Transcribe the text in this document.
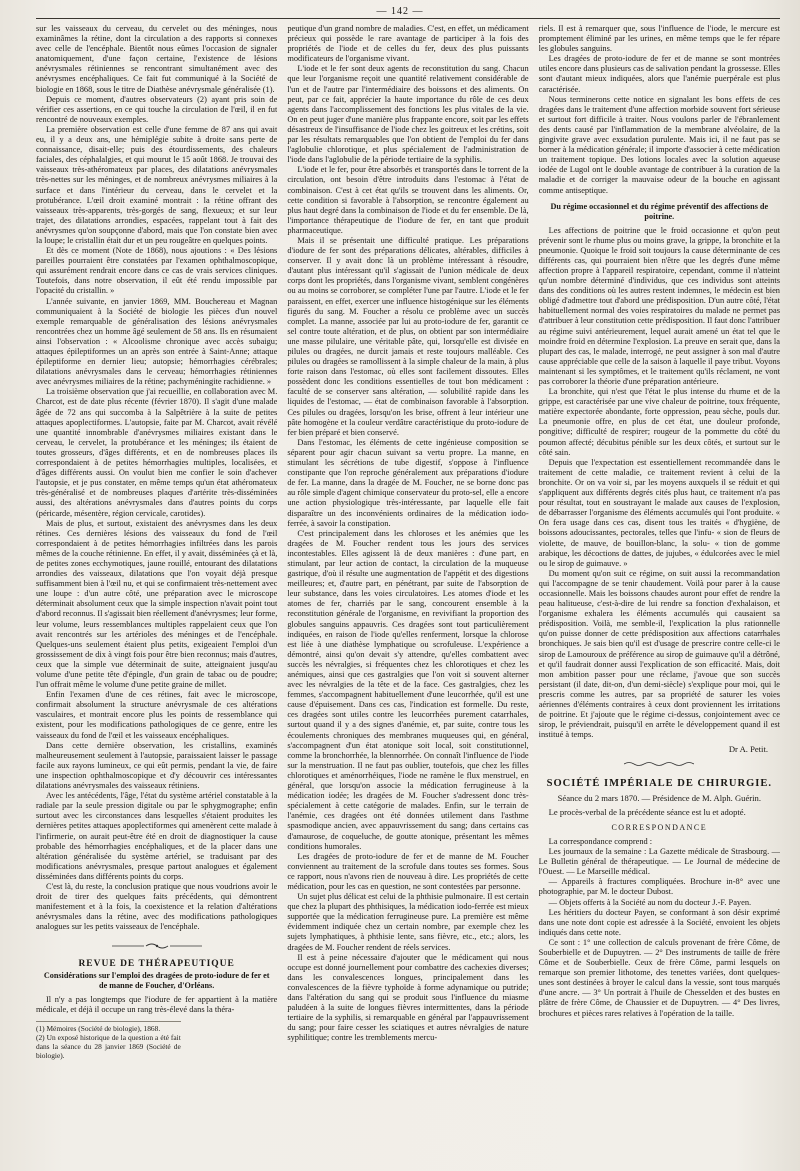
— 142 —

sur les vaisseaux du cerveau, du cervelet ou des méninges, nous examinâmes la rétine, dont la circulation a des rapports si connexes avec celle de l'encéphale. Bientôt nous eûmes l'occasion de signaler anatomiquement, d'une façon certaine, l'existence de lésions anévrysmales rétiniennes se rencontrant simultanément avec des anévrysmes encéphaliques. Ce fait fut communiqué à la Société de biologie en 1868, sous le titre de Diathèse anévrysmale généralisée (1).

Depuis ce moment, d'autres observateurs (2) ayant pris soin de vérifier ces assertions, en ce qui touche la circulation de l'œil, il en fut rencontré de nouveaux exemples.

La première observation est celle d'une femme de 87 ans qui avait eu, il y a deux ans, une hémiplégie subite à droite sans perte de connaissance, disait-elle; puis des étourdissements, des chaleurs faciales, des céphalalgies, et qui mourut le 15 août 1868. Je trouvai des vaisseaux très-athéromateux par places, des dilatations anévrysmales très-nettes sur les méninges, et de nombreux anévrysmes miliaires à la surface et dans l'intérieur du cerveau, dans le cervelet et la protubérance. L'œil droit examiné montrait : la rétine offrant des vaisseaux très-apparents, très-gorgés de sang, flexueux; et sur leur trajet, des dilatations arrondies, espacées, rappelant tout à fait des anévrysmes qu'on soupçonne d'abord, mais que l'on constate bien avec la loupe; le cristallin était dur et un peu rougeâtre en quelques points.

Et dès ce moment (Note de 1868), nous ajoutions : « Des lésions pareilles pourraient être constatées par l'examen ophthalmoscopique, qui assurément rendrait encore dans ce cas de vrais services cliniques. Toutefois, dans notre observation, il eût été rendu impossible par l'opacité du cristallin. »

L'année suivante, en janvier 1869, MM. Bouchereau et Magnan communiquaient à la Société de biologie les pièces d'un nouvel exemple remarquable de généralisation des lésions anévrysmales rencontrées chez un homme âgé seulement de 58 ans. Ils en résumaient ainsi l'observation : « Alcoolisme chronique avec accès subaigu; attaques épileptiformes un an après son entrée à Saint-Anne; attaque épileptiforme en dernier lieu; autopsie; hémorrhagies cérébrales; dilatations anévrysmales dans le cerveau; hémorrhagies rétiniennes avec anévrysmes miliaires de la rétine; pachyméningite rachidienne. »

La troisième observation que j'ai recueillie, en collaboration avec M. Charcot, est de date plus récente (février 1870). Il s'agit d'une malade âgée de 72 ans qui succomba à la Salpêtrière à la suite de petites attaques apoplectiformes. L'autopsie, faite par M. Charcot, avait révélé une quantité innombrable d'anévrysmes miliaires existant dans le cerveau, le cervelet, la protubérance et les méninges; ils étaient de toutes grosseurs, d'âges différents, et en de nombreuses places ils correspondaient à de petites hémorrhagies multiples, localisées, et d'âges différents aussi. On voulut bien me confier le soin d'achever l'autopsie, et je pus constater, en même temps qu'un état athéromateux très-généralisé et de nombreuses plaques d'artérite très-disséminées aussi, des altérations anévrysmales dans d'autres points du corps (péricarde, mésentère, région cervicale, carotides).

Mais de plus, et surtout, existaient des anévrysmes dans les deux rétines. Ces dernières lésions des vaisseaux du fond de l'œil correspondaient à de petites hémorrhagies infiltrées dans les parois mêmes de la couche rétinienne. En effet, il y avait, disséminées çà et là, de petites zones ecchymotiques, jaune rouillé, entourant des dilatations arrondies des vaisseaux, dilatations que l'on voyait déjà presque suffisamment bien à l'œil nu, et qui se confirmaient très-nettement avec une loupe : d'un autre côté, une préparation avec le microscope déterminait absolument ceux que la simple inspection n'avait point tout d'abord reconnus. Il s'agissait bien réellement d'anévrysmes; leur forme, leur volume, leurs ressemblances multiples rappelaient ceux que l'on avait rencontrés sur les artérioles des méninges et de l'encéphale. Quelques-uns seulement étaient plus petits, exigeaient l'emploi d'un grossissement de dix à vingt fois pour être bien reconnus; mais d'autres, ceux que la simple vue déterminait de suite, atteignaient jusqu'au volume d'une petite tête d'épingle, d'un grain de tabac ou de poudre; l'un offrait même le volume d'une petite graine de millet.

Enfin l'examen d'une de ces rétines, fait avec le microscope, confirmait absolument la structure anévrysmale de ces altérations vasculaires, et montrait encore plus les points de ressemblance qui existent, pour les modifications pathologiques de ce genre, entre les vaisseaux du fond de l'œil et les vaisseaux encéphaliques.

Dans cette dernière observation, les cristallins, examinés malheureusement seulement à l'autopsie, paraissaient laisser le passage facile aux rayons lumineux, ce qui eût permis, pendant la vie, de faire une inspection ophthalmoscopique et d'y découvrir ces intéressantes dilatations anévrysmales des vaisseaux rétiniens.

Avec les antécédents, l'âge, l'état du système artériel constatable à la radiale par la seule pression digitale ou par le sphygmographe; enfin surtout avec les circonstances dans lesquelles s'étaient produites les dernières petites attaques apoplectiformes qui amenèrent cette malade à l'infirmerie, on aurait peut-être été en droit de diagnostiquer la cause probable des hémorrhagies encéphaliques, et de la placer dans une altération généralisée du système artériel, se traduisant par des modifications anévrysmales, presque partout analogues et également disséminées dans différents points du corps.

C'est là, du reste, la conclusion pratique que nous voudrions avoir le droit de tirer des quelques faits précédents, qui démontrent manifestement et à la fois, la coexistence et la relation d'altérations anévrysmales dans la rétine, avec des modifications pathologiques analogues sur les petits vaisseaux de l'encéphale.

REVUE DE THÉRAPEUTIQUE
Considérations sur l'emploi des dragées de proto-iodure de fer et de manne de Foucher, d'Orléans.

Il n'y a pas longtemps que l'iodure de fer appartient à la matière médicale, et déjà il occupe un rang très-élevé dans la théra-

(1) Mémoires (Société de biologie), 1868.
(2) Un exposé historique de la question a été fait dans la séance du 28 janvier 1869 (Société de biologie).

peutique d'un grand nombre de maladies. C'est, en effet, un médicament précieux qui possède le rare avantage de participer à la fois des propriétés de l'iode et de celles du fer, deux des plus puissants modificateurs de l'organisme vivant.

L'iode et le fer sont deux agents de reconstitution du sang. Chacun que leur l'organisme reçoit une quantité relativement considérable de l'un et de l'autre par l'intermédiaire des boissons et des aliments. On peut, par ce fait, apprécier la haute importance du rôle de ces deux agents dans l'accomplissement des fonctions les plus vitales de la vie. On en peut juger d'une manière plus frappante encore, soit par les effets désastreux de l'insuffisance de l'iode chez les goitreux et les crétins, soit par les résultats remarquables que l'on obtient de l'emploi du fer dans l'aglobulie chlorotique, et plus spécialement de l'administration de l'iode dans l'aglobulie de la période tertiaire de la syphilis.

L'iode et le fer, pour être absorbés et transportés dans le torrent de la circulation, ont besoin d'être introduits dans l'estomac à l'état de combinaison. C'est à cet état qu'ils se trouvent dans les aliments. Or, cette condition si favorable à l'absorption, se rencontre également au plus haut degré dans la combinaison de l'iode et du fer ensemble. De là, l'importance thérapeutique de l'iodure de fer, en tant que produit pharmaceutique.

Mais il se présentait une difficulté pratique. Les préparations d'iodure de fer sont des préparations délicates, altérables, difficiles à conserver. Il y avait donc là un problème intéressant à résoudre, d'autant plus intéressant qu'il s'agissait de l'union médicale de deux corps dont les propriétés, dans l'organisme vivant, semblent congénères ou au moins se corroborer, se compléter l'une par l'autre. L'iode et le fer paraissent, en effet, exercer une influence histogénique sur les éléments figurés du sang. M. Foucher a résolu ce problème avec un succès complet. La manne, associée par lui au proto-iodure de fer, garantit ce sel contre toute altération, et de plus, on obtient par son intermédiaire une masse pilulaire, une véritable pâte, qui, lorsqu'elle est divisée en pilules ou dragées, ne durcit jamais et reste toujours malléable. Ces pilules ou dragées se ramollissent à la simple chaleur de la main, à plus forte raison dans l'estomac, où elles sont facilement dissoutes. Elles possèdent donc les conditions essentielles de tout bon médicament : faculté de se conserver sans altération, — solubilité rapide dans les liquides de l'estomac, — état de combinaison favorable à l'absorption. Ces pilules ou dragées, lorsqu'on les brise, offrent à leur intérieur une pâte homogène et la couleur verdâtre caractéristique du proto-iodure de fer bien préparé et bien conservé.

Dans l'estomac, les éléments de cette ingénieuse composition se séparent pour agir chacun suivant sa vertu propre. La manne, en stimulant les sécrétions de tube digestif, s'oppose à l'influence constipante que l'on reproche généralement aux préparations d'iodure de fer. La manne, dans la dragée de M. Foucher, ne se borne donc pas au rôle simple d'agent chimique conservateur du proto-sel, elle a encore une action physiologique très-intéressante, par laquelle elle fait disparaître un des inconvénients ordinaires de la médication iodo-ferrée, à savoir la constipation.

C'est principalement dans les chloroses et les anémies que les dragées de M. Foucher rendent tous les jours des services incontestables. Elles agissent là de deux manières : d'une part, en stimulant, par leur action de contact, la circulation de la muqueuse gastrique, d'où il résulte une augmentation de l'appétit et des digestions meilleures; et, d'autre part, en pénétrant, par suite de l'absorption de leur substance, dans les voies circulatoires. Les atomes d'iode et les atomes de fer, charriés par le sang, concourent ensemble à la reconstitution générale de l'organisme, en revivifiant la proportion des globules sanguins appauvris. Ces dragées sont tout particulièrement indiquées, en raison de l'iode qu'elles renferment, lorsque la chlorose est liée à une diathèse lymphatique ou scrofuleuse. L'expérience a démontré, ainsi qu'on devait s'y attendre, qu'elles combattent avec succès les névralgies, si fréquentes chez les chlorotiques et chez les anémiques, ainsi que ces gastralgies que l'on voit si souvent alterner avec les névralgies de la tête et de la face. Ces gastralgies, chez les femmes, s'accompagnent habituellement d'une leucorrhée, qu'il est une cause d'épuisement. Dans ces cas, l'indication est formelle. Du reste, ces dragées sont utiles contre les leucorrhées purement catarrhales, surtout quand il y a des signes d'anémie, et, par suite, contre tous les écoulements chroniques des membranes muqueuses qui, en général, s'accompagnent d'un état atonique soit local, soit constitutionnel, comme la bronchorrhée, la blennorrhée. On connaît l'influence de l'iode sur la menstruation. Il ne faut pas oublier, toutefois, que chez les filles chlorotiques et aménorrhéiques, l'iode ne ramène le flux menstruel, en général, que lorsqu'on associe la médication ferrugineuse à la médication iodée; les dragées de M. Foucher s'adressent donc très-spécialement à cette catégorie de malades. Enfin, sur le terrain de l'anémie, ces dragées ont été données utilement dans l'asthme spasmodique ancien, avec appauvrissement du sang; dans certains cas d'amaurose, de coqueluche, de goutte atonique, présentant les mêmes conditions humorales.

Les dragées de proto-iodure de fer et de manne de M. Foucher conviennent au traitement de la scrofule dans toutes ses formes. Sous ce rapport, nous n'avons rien de nouveau à dire. Les propriétés de cette médication, pour les cas en question, ne sont contestées par personne.

Un sujet plus délicat est celui de la phthisie pulmonaire. Il est certain que chez la plupart des phthisiques, la médication iodo-ferrée est mieux supportée que la médication ferrugineuse pure. La première est même évidemment indiquée chez un certain nombre, par exemple chez les sujets lymphatiques, à phthisie lente, sans fièvre, etc., etc.; alors, les dragées de M. Foucher rendent de réels services.

Il est à peine nécessaire d'ajouter que le médicament qui nous occupe est donné journellement pour combattre des cachexies diverses; dans les convalescences longues, principalement dans les convalescences de la fièvre typhoïde à forme adynamique ou putride; dans l'altération du sang qui se produit sous l'influence du miasme paludéen à la suite de longues fièvres intermittentes, dans la période tertiaire de la syphilis, si remarquable en général par l'appauvrissement du sang; pour faire cesser les sciatiques et autres névralgies de nature syphilitique; contre les tremblements mercu-

riels. Il est à remarquer que, sous l'influence de l'iode, le mercure est promptement éliminé par les urines, en même temps que le fer répare les globules sanguins.

Les dragées de proto-iodure de fer et de manne se sont montrées utiles encore dans plusieurs cas de salivation pendant la grossesse. Elles sont d'autant mieux indiquées, alors que l'anémie puerpérale est plus caractérisée.

Nous terminerons cette notice en signalant les bons effets de ces dragées dans le traitement d'une affection morbide souvent fort sérieuse et surtout fort difficile à traiter. Nous voulons parler de l'ébranlement des dents causé par l'inflammation de la membrane alvéolaire, de la gingivite grave avec exsudation purulente. Mais ici, il ne faut pas se borner à la médication générale; il importe d'associer à cette médication un traitement topique. Des lotions locales avec la solution aqueuse iodée de Lugol ont le double avantage de contribuer à la curation de la maladie et de corriger la mauvaise odeur de la bouche en agissant comme antiseptique.

Du régime occasionnel et du régime préventif des affections de poitrine.

Les affections de poitrine que le froid occasionne et qu'on peut prévenir sont le rhume plus ou moins grave, la grippe, la bronchite et la pneumonie. Quoique le froid soit toujours la cause déterminante de ces différents cas, qui pourraient bien n'être que les degrés d'une même affection propre à l'appareil respiratoire, cependant, comme il n'atteint qu'un nombre déterminé d'individus, que ces individus sont atteints dans des conditions où les autres restent indemnes, le médecin est bien obligé d'admettre tout d'abord une prédisposition. D'un autre côté, l'état habituellement normal des voies respiratoires du malade ne permet pas d'attribuer à leur constitution cette prédisposition. Il faut donc l'attribuer au régime suivi antérieurement, lequel aurait amené un état tel que le moindre froid en détermine l'explosion. La preuve en serait que, dans la plupart des cas, le malade, interrogé, ne peut assigner à son mal d'autre cause appréciable que celle de la saison à laquelle il paye tribut. Voyons maintenant si les symptômes, et le traitement qu'ils réclament, ne vont pas corroborer la théorie d'une préparation antérieure.

La bronchite, qui n'est que l'état le plus intense du rhume et de la grippe, est caractérisée par une vive chaleur de poitrine, toux fréquente, matière expectorée abondante, forte oppression, peau sèche, pouls dur. La pneumonie offre, en plus de cet état, une douleur profonde, pongitive; difficulté de respirer; rougeur de la pommette du côté du poumon affecté; décubitus pénible sur les deux côtés, et surtout sur le côté sain.

Depuis que l'expectation est essentiellement recommandée dans le traitement de cette maladie, ce traitement revient à celui de la bronchite. Or on va voir si, par les moyens auxquels il se réduit et qui s'appliquent aux différents degrés cités plus haut, ce traitement n'a pas pour résultat, tout en soustrayant le malade aux causes de l'explosion, de débarrasser l'organisme des éléments accumulés qui l'ont produite. « On fera usage dans ces cas, disent tous les traités « d'hygiène, de boissons adoucissantes, pectorales, telles que l'infu- « sion de fleurs de violette, de mauve, de bouillon-blanc, la solu- « tion de gomme arabique, les décoctions de dattes, de jujubes, « édulcorées avec le miel ou le sirop de guimauve. »

Du moment qu'on suit ce régime, on suit aussi la recommandation qui l'accompagne de se tenir chaudement. Voilà pour parer à la cause occasionnelle. Mais les boissons chaudes auront pour effet de rendre la peau halitueuse, c'est-à-dire de lui rendre sa fonction d'exhalaison, et l'organisme exhalera les éléments accumulés qui causaient sa prédisposition. Voilà, me semble-il, l'explication la plus rationnelle qu'on puisse donner de cette prédisposition aux affections catarrhales bronchiques. Je sais bien qu'il est d'usage de prescrire contre celle-ci le sirop de Lamouroux de préférence au sirop de guimauve qu'il a détrôné, et qu'il faudrait donner aussi l'explication de son efficacité. Mais, doit mon ambition passer pour une réclame, j'avoue que son succès persistant (il date, dit-on, d'un demi-siècle) s'explique pour moi, qui le prescris comme les autres, par sa propriété de saturer les voies aériennes d'éléments contraires à ceux dont proviennent les irritations de poitrine. Et j'ajoute que le régime ci-dessus, conjointement avec ce sirop, le préviendrait, puisqu'il en arrête le développement quand il est institué à temps.

Dr A. Petit.
SOCIÉTÉ IMPÉRIALE DE CHIRURGIE.
Séance du 2 mars 1870. — Présidence de M. Alph. Guérin.
Le procès-verbal de la précédente séance est lu et adopté.
CORRESPONDANCE

La correspondance comprend :

Les journaux de la semaine : La Gazette médicale de Strasbourg. — Le Bulletin général de thérapeutique. — Le Journal de médecine de l'Ouest. — Le Marseille médical.

— Appareils à fractures compliquées. Brochure in-8° avec une photographie, par M. le docteur Dubost.

— Objets offerts à la Société au nom du docteur J.-F. Payen.

Les héritiers du docteur Payen, se conformant à son désir exprimé dans une note dont copie est adressée à la Société, envoient les objets indiqués dans cette note.

Ce sont : 1° une collection de calculs provenant de frère Côme, de Souberbielle et de Dupuytren. — 2° Des instruments de taille de frère Côme et de Souberbielle. Ceux de frère Côme, parmi lesquels on remarque son premier lithotome, des tenettes variées, dont quelques-unes sont destinées à broyer le calcul dans la vessie, sont tous marqués d'une ancre. — 3° Un portrait à l'huile de Chesselden et des bustes en plâtre de frère Côme, de Chaussier et de Dupuytren. — 4° Des livres, brochures et pièces rares relatives à l'opération de la taille.
